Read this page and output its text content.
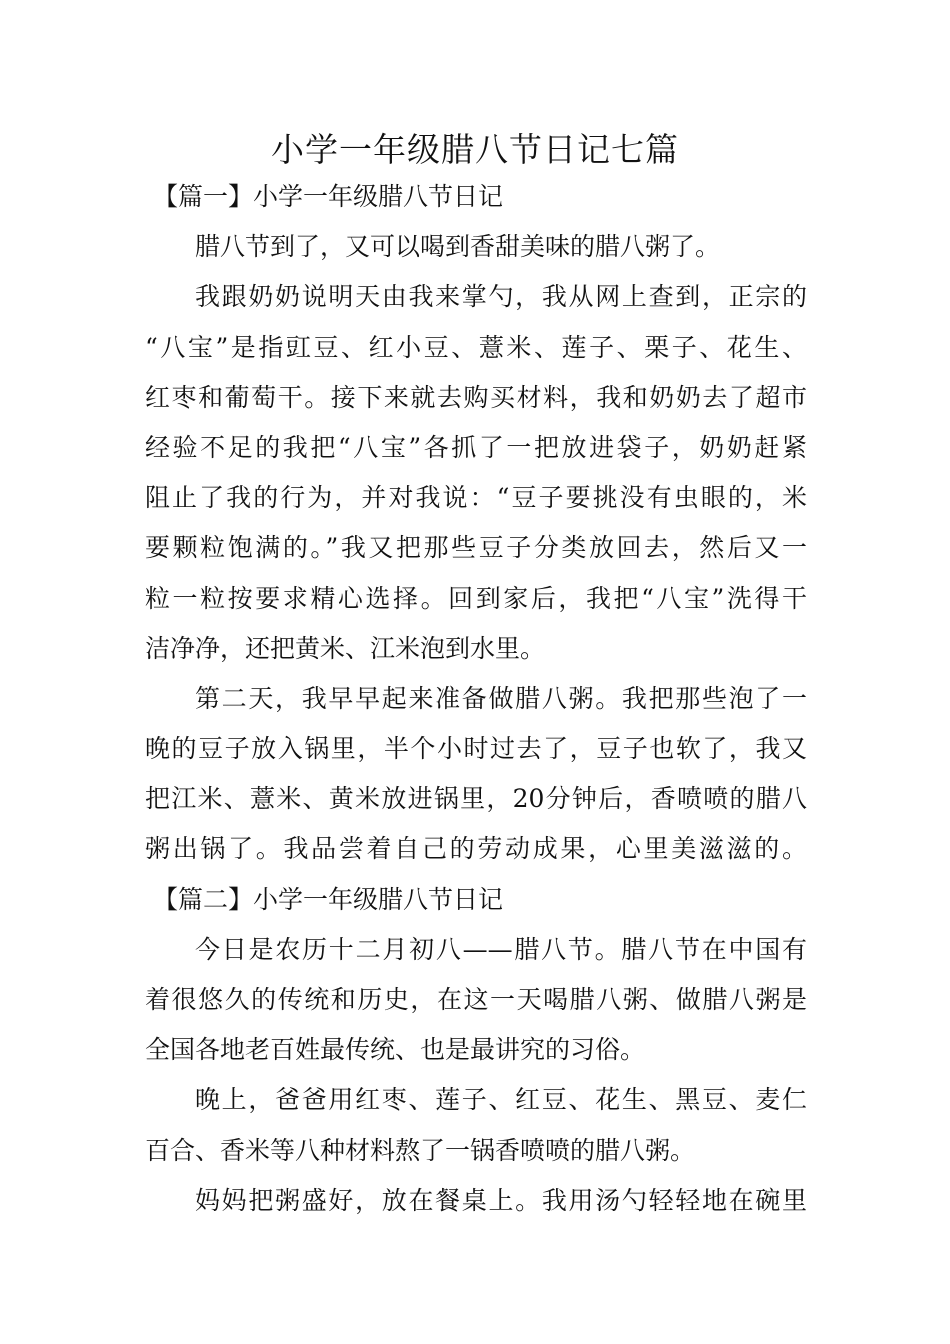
小学一年级腊八节日记七篇
【篇一】小学一年级腊八节日记
腊八节到了，又可以喝到香甜美味的腊八粥了。
我跟奶奶说明天由我来掌勺，我从网上查到，正宗的
“八宝”是指豇豆、红小豆、薏米、莲子、栗子、花生、
红枣和葡萄干。接下来就去购买材料，我和奶奶去了超市
经验不足的我把“八宝”各抓了一把放进袋子，奶奶赶紧
阻止了我的行为，并对我说：“豆子要挑没有虫眼的，米
要颗粒饱满的。”我又把那些豆子分类放回去，然后又一
粒一粒按要求精心选择。回到家后，我把“八宝”洗得干
洁净净，还把黄米、江米泡到水里。
第二天，我早早起来准备做腊八粥。我把那些泡了一
晚的豆子放入锅里，半个小时过去了，豆子也软了，我又
把江米、薏米、黄米放进锅里，20分钟后，香喷喷的腊八
粥出锅了。我品尝着自己的劳动成果，心里美滋滋的。
【篇二】小学一年级腊八节日记
今日是农历十二月初八——腊八节。腊八节在中国有
着很悠久的传统和历史，在这一天喝腊八粥、做腊八粥是
全国各地老百姓最传统、也是最讲究的习俗。
晚上，爸爸用红枣、莲子、红豆、花生、黑豆、麦仁
百合、香米等八种材料熬了一锅香喷喷的腊八粥。
妈妈把粥盛好，放在餐桌上。我用汤勺轻轻地在碗里
